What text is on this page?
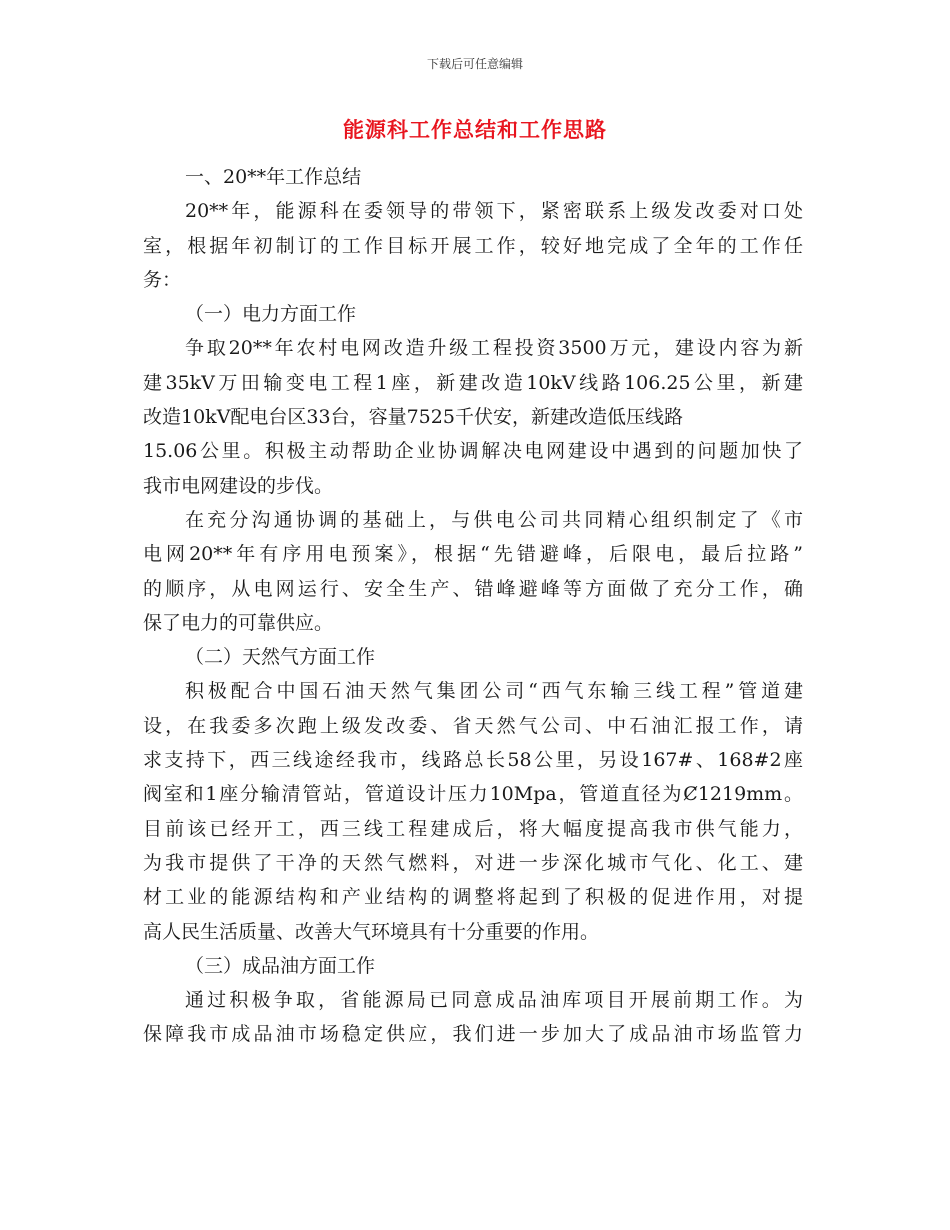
下载后可任意编辑
能源科工作总结和工作思路
一、20**年工作总结
20**年，能源科在委领导的带领下，紧密联系上级发改委对口处
室，根据年初制订的工作目标开展工作，较好地完成了全年的工作任
务：
（一）电力方面工作
争取20**年农村电网改造升级工程投资3500万元，建设内容为新
建35kV万田输变电工程1座，新建改造10kV线路106.25公里，新建
改造10kV配电台区33台，容量7525千伏安，新建改造低压线路
15.06公里。积极主动帮助企业协调解决电网建设中遇到的问题加快了
我市电网建设的步伐。
在充分沟通协调的基础上，与供电公司共同精心组织制定了《市
电网20**年有序用电预案》，根据“先错避峰，后限电，最后拉路”
的顺序，从电网运行、安全生产、错峰避峰等方面做了充分工作，确
保了电力的可靠供应。
（二）天然气方面工作
积极配合中国石油天然气集团公司“西气东输三线工程”管道建
设，在我委多次跑上级发改委、省天然气公司、中石油汇报工作，请
求支持下，西三线途经我市，线路总长58公里，另设167#、168#2座
阀室和1座分输清管站，管道设计压力10Mpa，管道直径为Ȼ1219mm。
目前该已经开工，西三线工程建成后，将大幅度提高我市供气能力，
为我市提供了干净的天然气燃料，对进一步深化城市气化、化工、建
材工业的能源结构和产业结构的调整将起到了积极的促进作用，对提
高人民生活质量、改善大气环境具有十分重要的作用。
（三）成品油方面工作
通过积极争取，省能源局已同意成品油库项目开展前期工作。为
保障我市成品油市场稳定供应，我们进一步加大了成品油市场监管力
